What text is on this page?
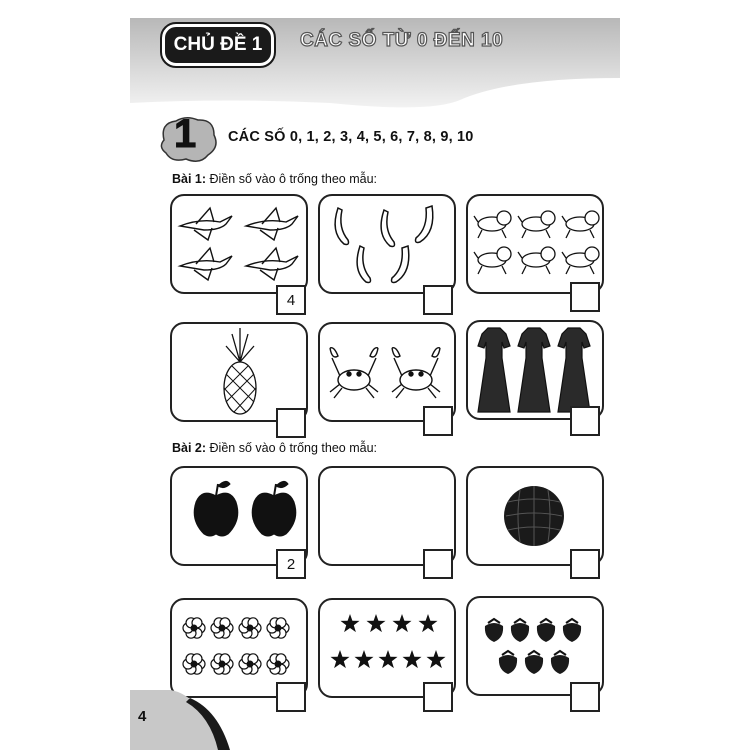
CHỦ ĐỀ 1	CÁC SỐ TỪ 0 ĐẾN 10
1 CÁC SỐ 0, 1, 2, 3, 4, 5, 6, 7, 8, 9, 10
Bài 1: Điền số vào ô trống theo mẫu:
4
Bài 2: Điền số vào ô trống theo mẫu:
2
4
